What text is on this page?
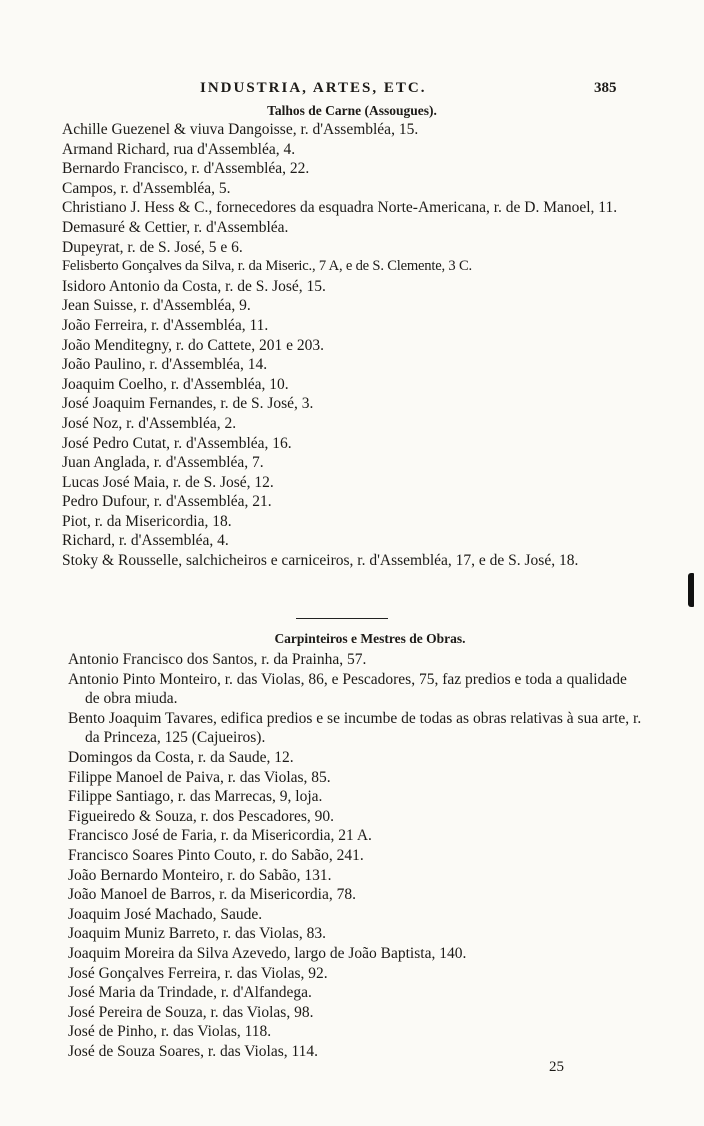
INDUSTRIA, ARTES, ETC.	385
Talhos de Carne (Assougues).
Achille Guezenel & viuva Dangoisse, r. d'Assembléa, 15.
Armand Richard, rua d'Assembléa, 4.
Bernardo Francisco, r. d'Assembléa, 22.
Campos, r. d'Assembléa, 5.
Christiano J. Hess & C., fornecedores da esquadra Norte-Americana, r. de D. Manoel, 11.
Demasuré & Cettier, r. d'Assembléa.
Dupeyrat, r. de S. José, 5 e 6.
Felisberto Gonçalves da Silva, r. da Miseric., 7 A, e de S. Clemente, 3 C.
Isidoro Antonio da Costa, r. de S. José, 15.
Jean Suisse, r. d'Assembléa, 9.
João Ferreira, r. d'Assembléa, 11.
João Menditegny, r. do Cattete, 201 e 203.
João Paulino, r. d'Assembléa, 14.
Joaquim Coelho, r. d'Assembléa, 10.
José Joaquim Fernandes, r. de S. José, 3.
José Noz, r. d'Assembléa, 2.
José Pedro Cutat, r. d'Assembléa, 16.
Juan Anglada, r. d'Assembléa, 7.
Lucas José Maia, r. de S. José, 12.
Pedro Dufour, r. d'Assembléa, 21.
Piot, r. da Misericordia, 18.
Richard, r. d'Assembléa, 4.
Stoky & Rousselle, salchicheiros e carniceiros, r. d'Assembléa, 17, e de S. José, 18.
Carpinteiros e Mestres de Obras.
Antonio Francisco dos Santos, r. da Prainha, 57.
Antonio Pinto Monteiro, r. das Violas, 86, e Pescadores, 75, faz predios e toda a qualidade de obra miuda.
Bento Joaquim Tavares, edifica predios e se incumbe de todas as obras relativas à sua arte, r. da Princeza, 125 (Cajueiros).
Domingos da Costa, r. da Saude, 12.
Filippe Manoel de Paiva, r. das Violas, 85.
Filippe Santiago, r. das Marrecas, 9, loja.
Figueiredo & Souza, r. dos Pescadores, 90.
Francisco José de Faria, r. da Misericordia, 21 A.
Francisco Soares Pinto Couto, r. do Sabão, 241.
João Bernardo Monteiro, r. do Sabão, 131.
João Manoel de Barros, r. da Misericordia, 78.
Joaquim José Machado, Saude.
Joaquim Muniz Barreto, r. das Violas, 83.
Joaquim Moreira da Silva Azevedo, largo de João Baptista, 140.
José Gonçalves Ferreira, r. das Violas, 92.
José Maria da Trindade, r. d'Alfandega.
José Pereira de Souza, r. das Violas, 98.
José de Pinho, r. das Violas, 118.
José de Souza Soares, r. das Violas, 114.
25
